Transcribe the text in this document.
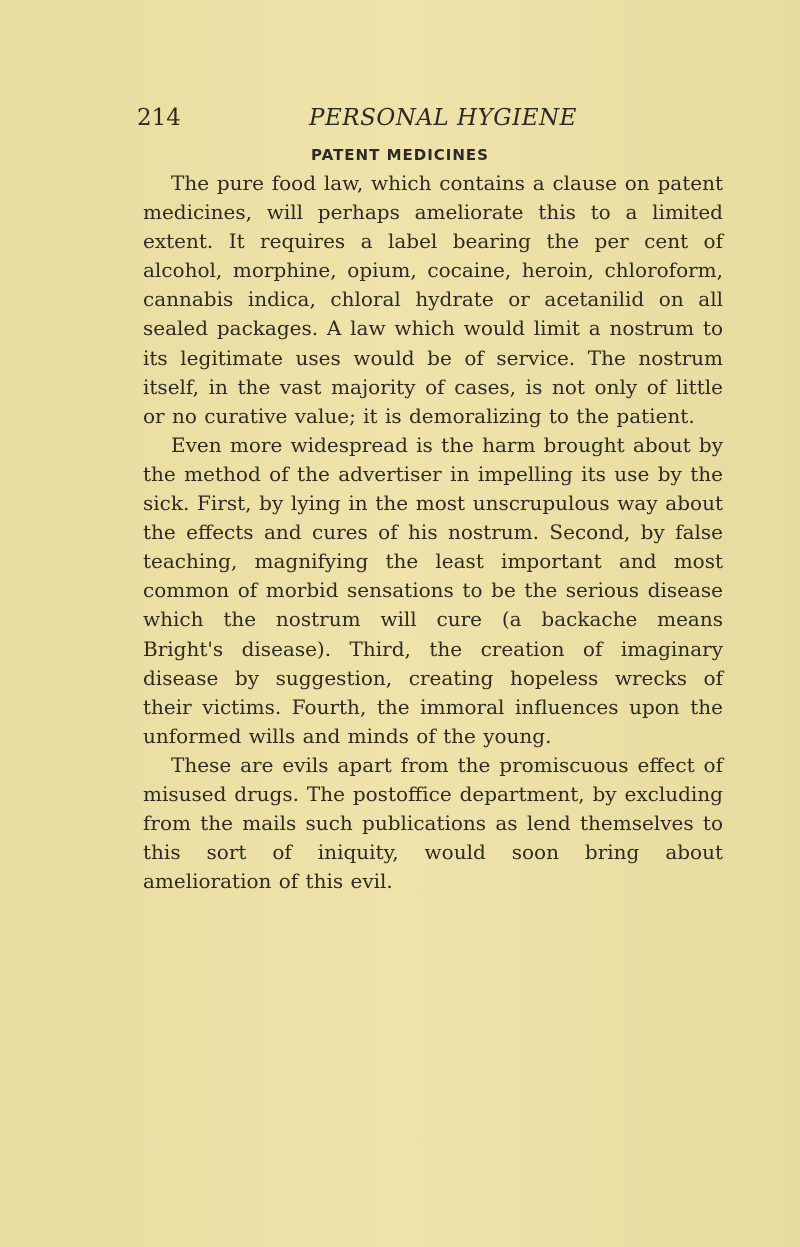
214	PERSONAL HYGIENE
PATENT MEDICINES

The pure food law, which contains a clause on patent medicines, will perhaps ameliorate this to a limited extent. It requires a label bearing the per cent of alcohol, morphine, opium, cocaine, heroin, chloroform, cannabis indica, chloral hydrate or acetanilid on all sealed packages. A law which would limit a nostrum to its legitimate uses would be of service. The nostrum itself, in the vast majority of cases, is not only of little or no curative value; it is demoralizing to the patient.

Even more widespread is the harm brought about by the method of the advertiser in impelling its use by the sick. First, by lying in the most unscrupulous way about the effects and cures of his nostrum. Second, by false teaching, magnifying the least important and most common of morbid sensations to be the serious disease which the nostrum will cure (a backache means Bright's disease). Third, the creation of imaginary disease by suggestion, creating hopeless wrecks of their victims. Fourth, the immoral influences upon the unformed wills and minds of the young.

These are evils apart from the promiscuous effect of misused drugs. The postoffice department, by excluding from the mails such publications as lend themselves to this sort of iniquity, would soon bring about amelioration of this evil.
